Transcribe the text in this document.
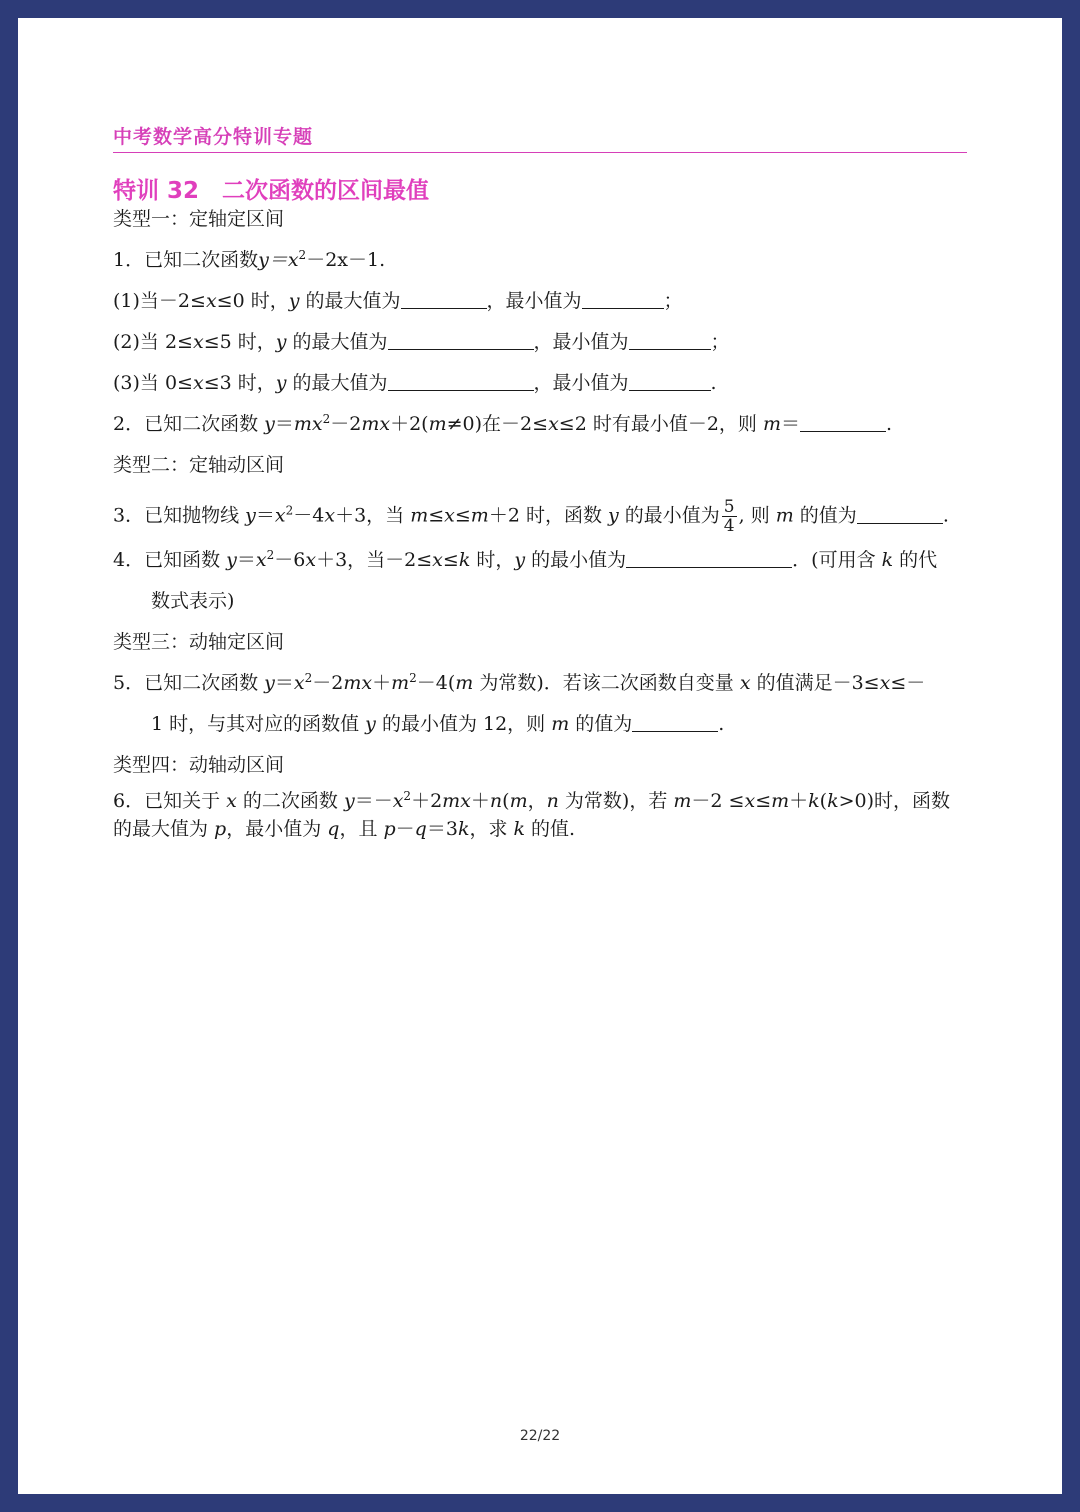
中考数学高分特训专题
特训 32　二次函数的区间最值
类型一：定轴定区间
1．已知二次函数$y=x^2-2x-1$.
(1)当－2≤x≤0 时，y 的最大值为	，最小值为	；
(2)当 2≤x≤5 时，y 的最大值为	，最小值为	；
(3)当 0≤x≤3 时，y 的最大值为	，最小值为	.
2．已知二次函数 $y=mx^2-2mx+2(m\ne 0)$在－2≤x≤2 时有最小值－2，则 m＝	.
类型二：定轴动区间
3．已知抛物线 $y=x^2-4x+3$，当 m≤x≤m＋2 时，函数 y 的最小值为 $\frac{5}{4}$ , 则 m 的值为	.
4．已知函数 $y=x^2-6x+3$，当－2≤x≤k 时，y 的最小值为	．(可用含 k 的代
数式表示)
类型三：动轴定区间
5．已知二次函数 $y=x^2-2mx+m^2-4(m$ 为常数)．若该二次函数自变量 x 的值满足－3≤x≤－
1 时，与其对应的函数值 y 的最小值为 12，则 m 的值为	.
类型四：动轴动区间
6．已知关于 x 的二次函数 $y=-x^2+2mx+n(m$，n 为常数)，若 m－2 ≤x≤m＋k(k>0)时，函数
的最大值为 p，最小值为 q，且 p－q＝3k，求 k 的值.
22/22
